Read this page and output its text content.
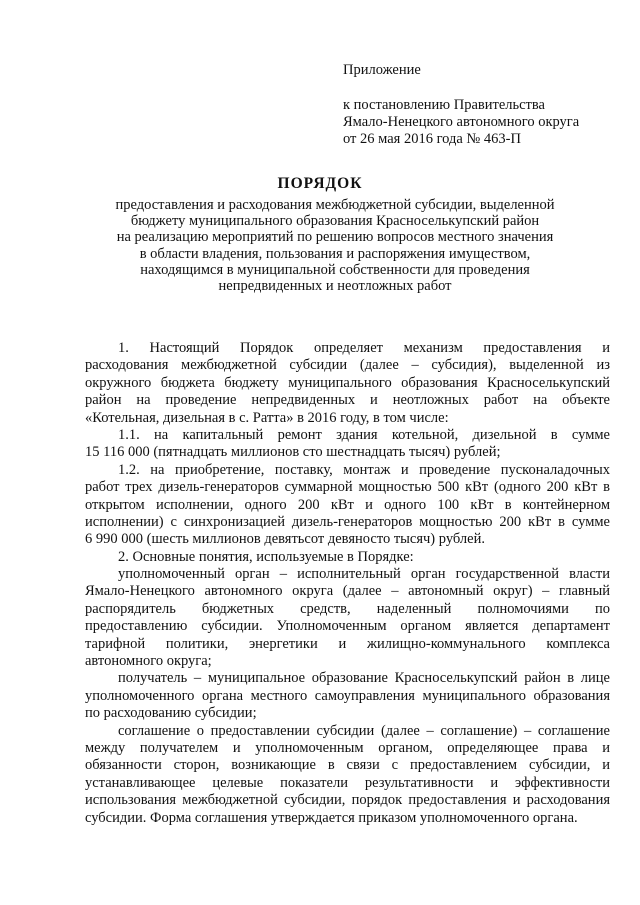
Приложение
к постановлению Правительства
Ямало-Ненецкого автономного округа
от 26 мая 2016 года № 463-П
ПОРЯДОК
предоставления и расходования межбюджетной субсидии, выделенной
бюджету муниципального образования Красноселькупский район
на реализацию мероприятий по решению вопросов местного значения
в области владения, пользования и распоряжения имуществом,
находящимся в муниципальной собственности для проведения
непредвиденных и неотложных работ
1. Настоящий Порядок определяет механизм предоставления и
расходования межбюджетной субсидии (далее – субсидия), выделенной из
окружного бюджета бюджету муниципального образования Красноселькупский
район на проведение непредвиденных и неотложных работ на объекте
«Котельная, дизельная в с. Ратта» в 2016 году, в том числе:
1.1. на капитальный ремонт здания котельной, дизельной в сумме
15 116 000 (пятнадцать миллионов сто шестнадцать тысяч) рублей;
1.2. на приобретение, поставку, монтаж и проведение пусконаладочных
работ трех дизель-генераторов суммарной мощностью 500 кВт (одного 200 кВт в
открытом исполнении, одного 200 кВт и одного 100 кВт в контейнерном
исполнении) с синхронизацией дизель-генераторов мощностью 200 кВт в сумме
6 990 000 (шесть миллионов девятьсот девяносто тысяч) рублей.
2. Основные понятия, используемые в Порядке:
уполномоченный орган – исполнительный орган государственной власти
Ямало-Ненецкого автономного округа (далее – автономный округ) – главный
распорядитель бюджетных средств, наделенный полномочиями по
предоставлению субсидии. Уполномоченным органом является департамент
тарифной политики, энергетики и жилищно-коммунального комплекса
автономного округа;
получатель – муниципальное образование Красноселькупский район в лице
уполномоченного органа местного самоуправления муниципального образования
по расходованию субсидии;
соглашение о предоставлении субсидии (далее – соглашение) – соглашение
между получателем и уполномоченным органом, определяющее права и
обязанности сторон, возникающие в связи с предоставлением субсидии, и
устанавливающее целевые показатели результативности и эффективности
использования межбюджетной субсидии, порядок предоставления и расходования
субсидии. Форма соглашения утверждается приказом уполномоченного органа.
